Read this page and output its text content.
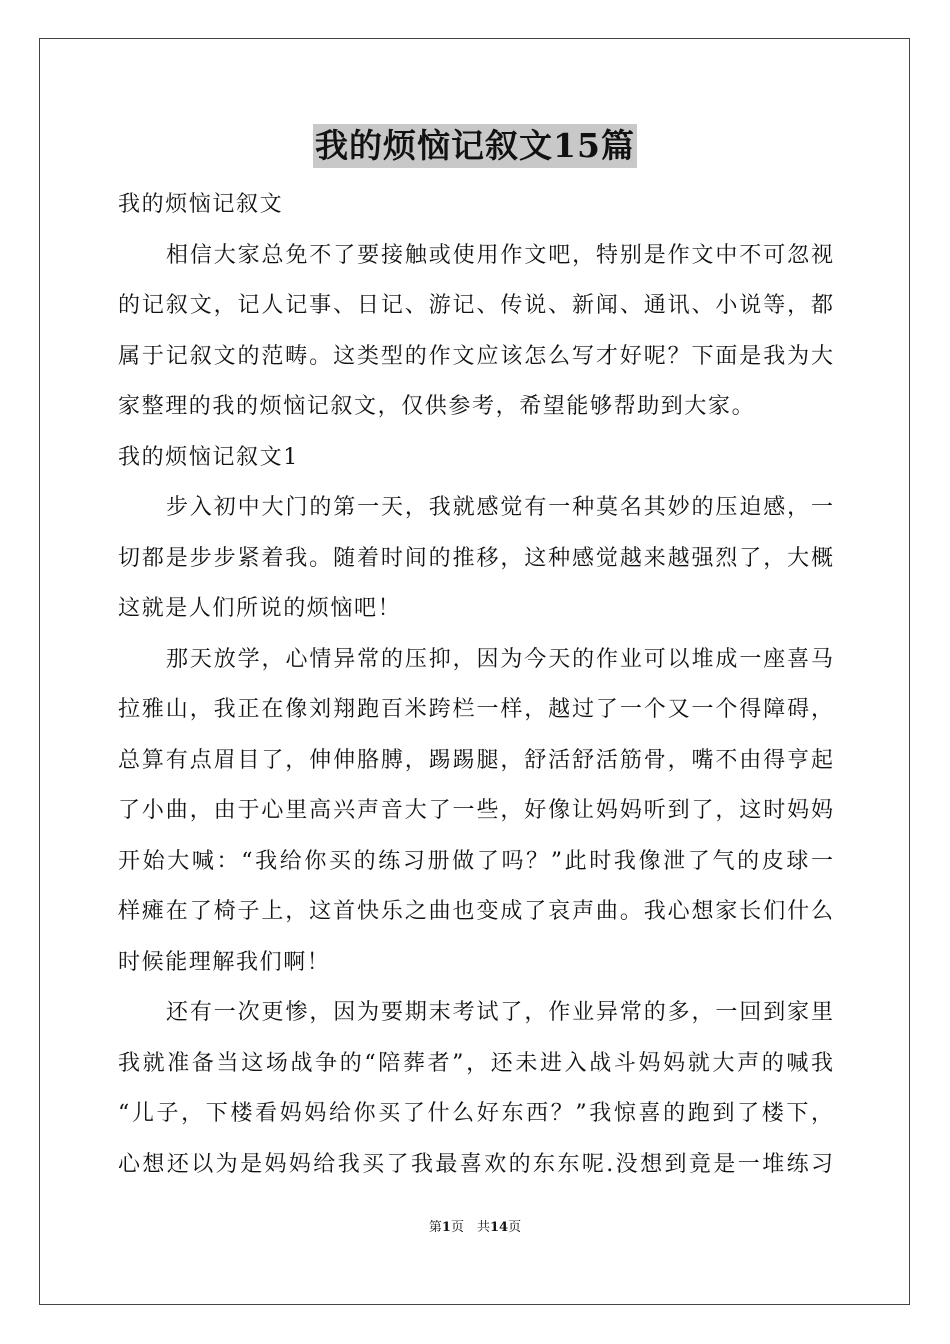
我的烦恼记叙文15篇
我的烦恼记叙文
相信大家总免不了要接触或使用作文吧，特别是作文中不可忽视
的记叙文，记人记事、日记、游记、传说、新闻、通讯、小说等，都
属于记叙文的范畴。这类型的作文应该怎么写才好呢？下面是我为大
家整理的我的烦恼记叙文，仅供参考，希望能够帮助到大家。
我的烦恼记叙文1
步入初中大门的第一天，我就感觉有一种莫名其妙的压迫感，一
切都是步步紧着我。随着时间的推移，这种感觉越来越强烈了，大概
这就是人们所说的烦恼吧！
那天放学，心情异常的压抑，因为今天的作业可以堆成一座喜马
拉雅山，我正在像刘翔跑百米跨栏一样，越过了一个又一个得障碍，
总算有点眉目了，伸伸胳膊，踢踢腿，舒活舒活筋骨，嘴不由得亨起
了小曲，由于心里高兴声音大了一些，好像让妈妈听到了，这时妈妈
开始大喊：“我给你买的练习册做了吗？”此时我像泄了气的皮球一
样瘫在了椅子上，这首快乐之曲也变成了哀声曲。我心想家长们什么
时候能理解我们啊！
还有一次更惨，因为要期末考试了，作业异常的多，一回到家里
我就准备当这场战争的“陪葬者”，还未进入战斗妈妈就大声的喊我
“儿子，下楼看妈妈给你买了什么好东西？”我惊喜的跑到了楼下，
心想还以为是妈妈给我买了我最喜欢的东东呢.没想到竟是一堆练习
第1页　共14页
